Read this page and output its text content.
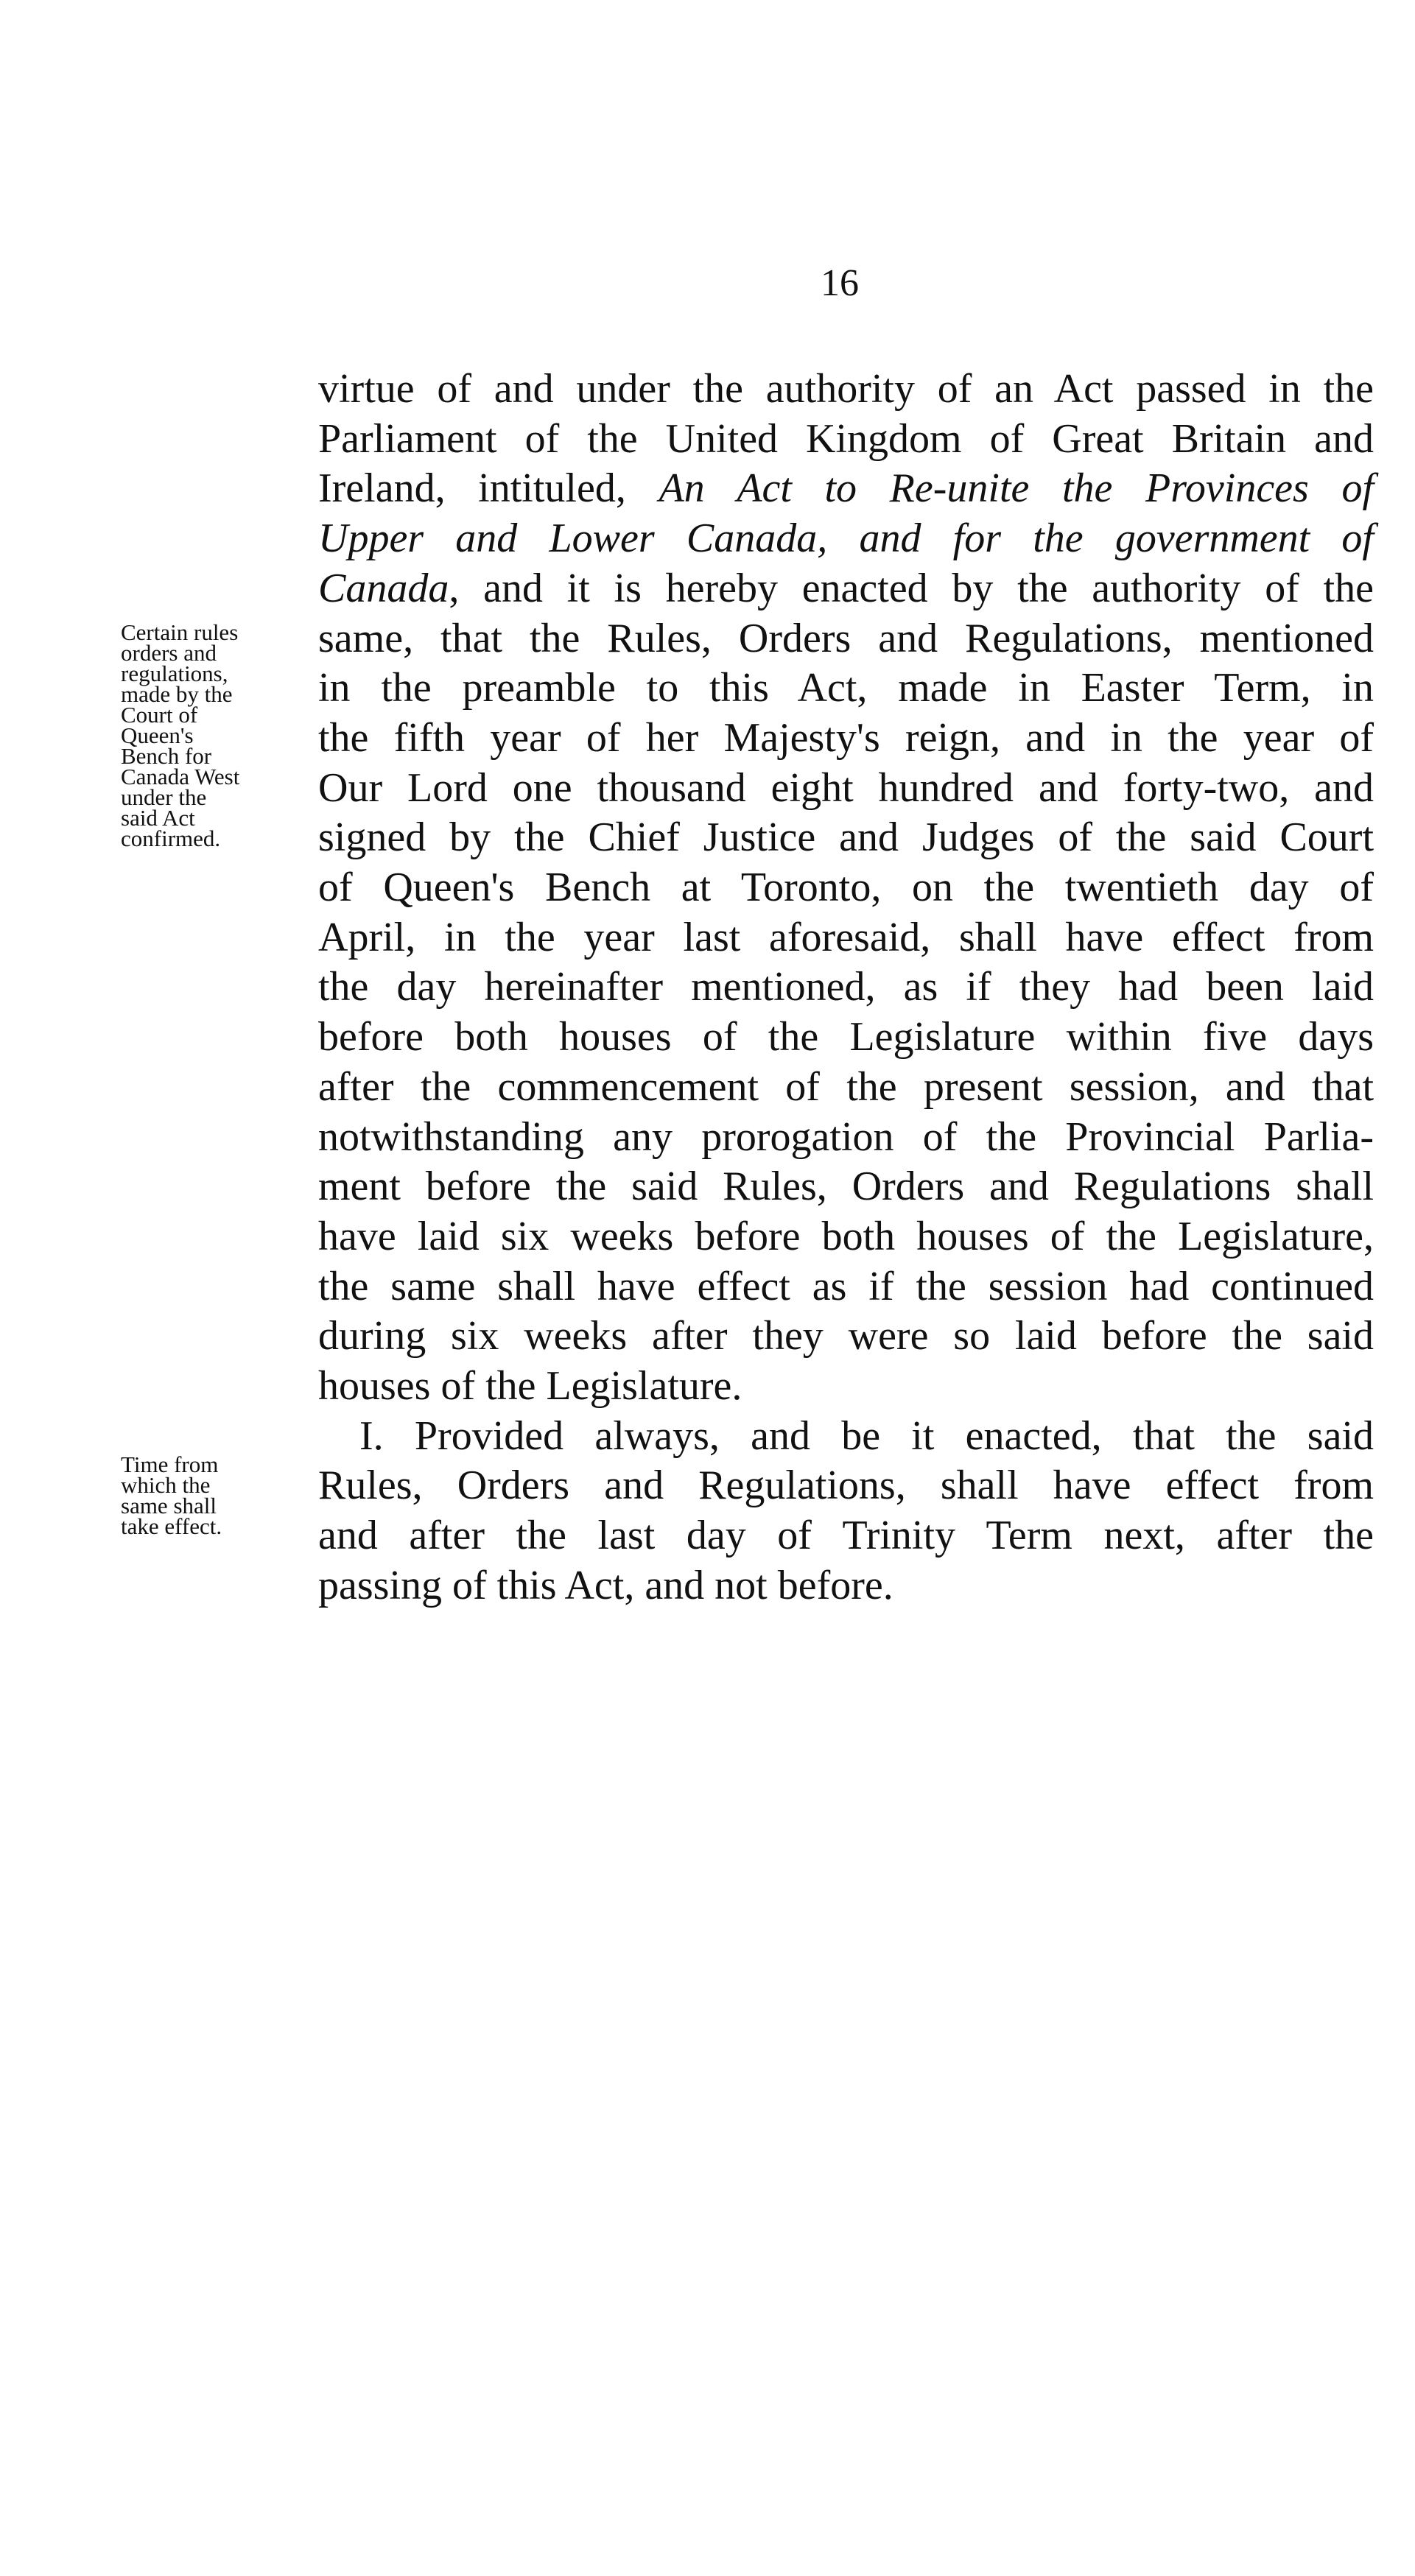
16
Certain rules
orders and
regulations,
made by the
Court of
Queen's
Bench for
Canada West
under the
said Act
confirmed.
Time from
which the
same shall
take effect.

virtue of and under the authority of an Act passed in the
Parliament of the United Kingdom of Great Britain and
Ireland, intituled, An Act to Re-unite the Provinces of
Upper and Lower Canada, and for the government of
Canada, and it is hereby enacted by the authority of the
same, that the Rules, Orders and Regulations, mentioned
in the preamble to this Act, made in Easter Term, in
the fifth year of her Majesty's reign, and in the year of
Our Lord one thousand eight hundred and forty-two, and
signed by the Chief Justice and Judges of the said Court
of Queen's Bench at Toronto, on the twentieth day of
April, in the year last aforesaid, shall have effect from
the day hereinafter mentioned, as if they had been laid
before both houses of the Legislature within five days
after the commencement of the present session, and that
notwithstanding any prorogation of the Provincial Parlia-
ment before the said Rules, Orders and Regulations shall
have laid six weeks before both houses of the Legislature,
the same shall have effect as if the session had continued
during six weeks after they were so laid before the said
houses of the Legislature.

I. Provided always, and be it enacted, that the said
Rules, Orders and Regulations, shall have effect from
and after the last day of Trinity Term next, after the
passing of this Act, and not before.
